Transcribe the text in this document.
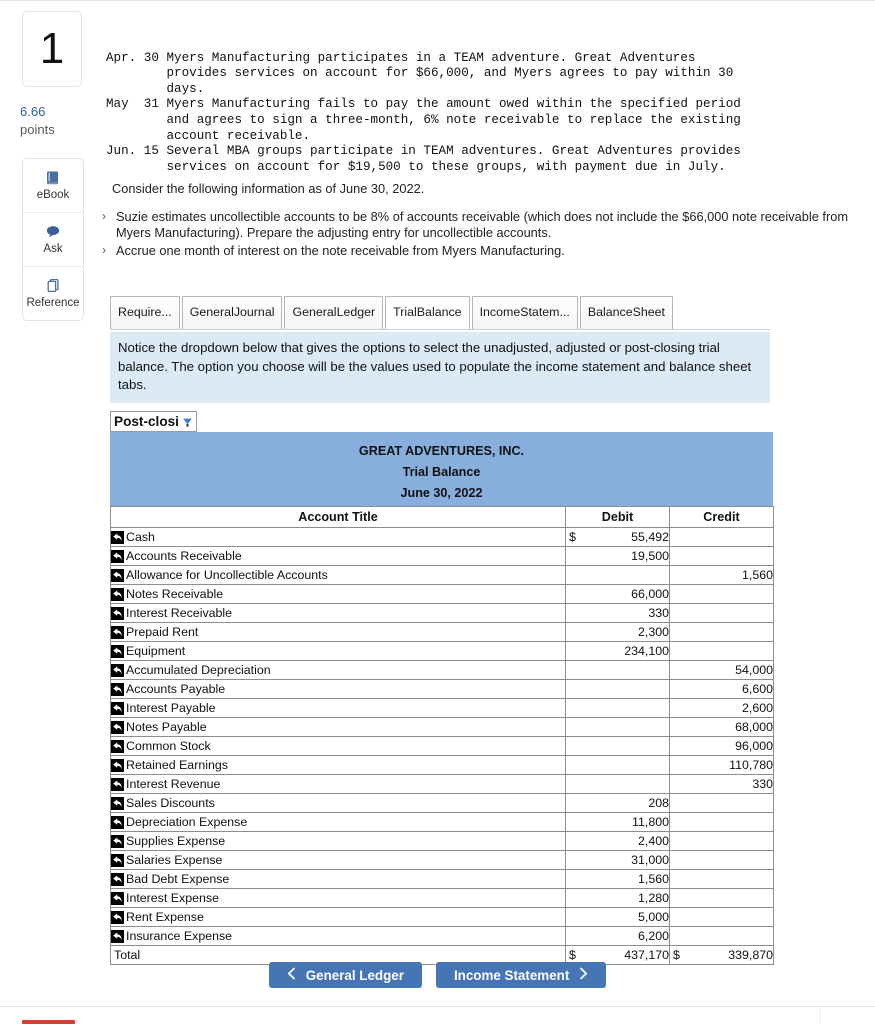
1
6.66
points
eBook
Ask
Reference
Apr. 30 Myers Manufacturing participates in a TEAM adventure. Great Adventures
provides services on account for $66,000, and Myers agrees to pay within 30
days.
May  31 Myers Manufacturing fails to pay the amount owed within the specified period
and agrees to sign a three-month, 6% note receivable to replace the existing
account receivable.
Jun. 15 Several MBA groups participate in TEAM adventures. Great Adventures provides
services on account for $19,500 to these groups, with payment due in July.
Consider the following information as of June 30, 2022.
› Suzie estimates uncollectible accounts to be 8% of accounts receivable (which does not include the $66,000 note receivable from Myers Manufacturing). Prepare the adjusting entry for uncollectible accounts.
› Accrue one month of interest on the note receivable from Myers Manufacturing.
Require... General Journal General Ledger Trial Balance Income Statem... Balance Sheet
Notice the dropdown below that gives the options to select the unadjusted, adjusted or post-closing trial balance. The option you choose will be the values used to populate the income statement and balance sheet tabs.
Post-closi
GREAT ADVENTURES, INC.
Trial Balance
June 30, 2022
Account Title	Debit	Credit

Cash	$ 55,492	

Accounts Receivable	19,500	

Allowance for Uncollectible Accounts		1,560

Notes Receivable	66,000	

Interest Receivable	330	

Prepaid Rent	2,300	

Equipment	234,100	

Accumulated Depreciation		54,000

Accounts Payable		6,600

Interest Payable		2,600

Notes Payable		68,000

Common Stock		96,000

Retained Earnings		110,780

Interest Revenue		330

Sales Discounts	208	

Depreciation Expense	11,800	

Supplies Expense	2,400	

Salaries Expense	31,000	

Bad Debt Expense	1,560	

Interest Expense	1,280	

Rent Expense	5,000	

Insurance Expense	6,200	
Total	$ 437,170	$ 339,870
General Ledger	Income Statement
